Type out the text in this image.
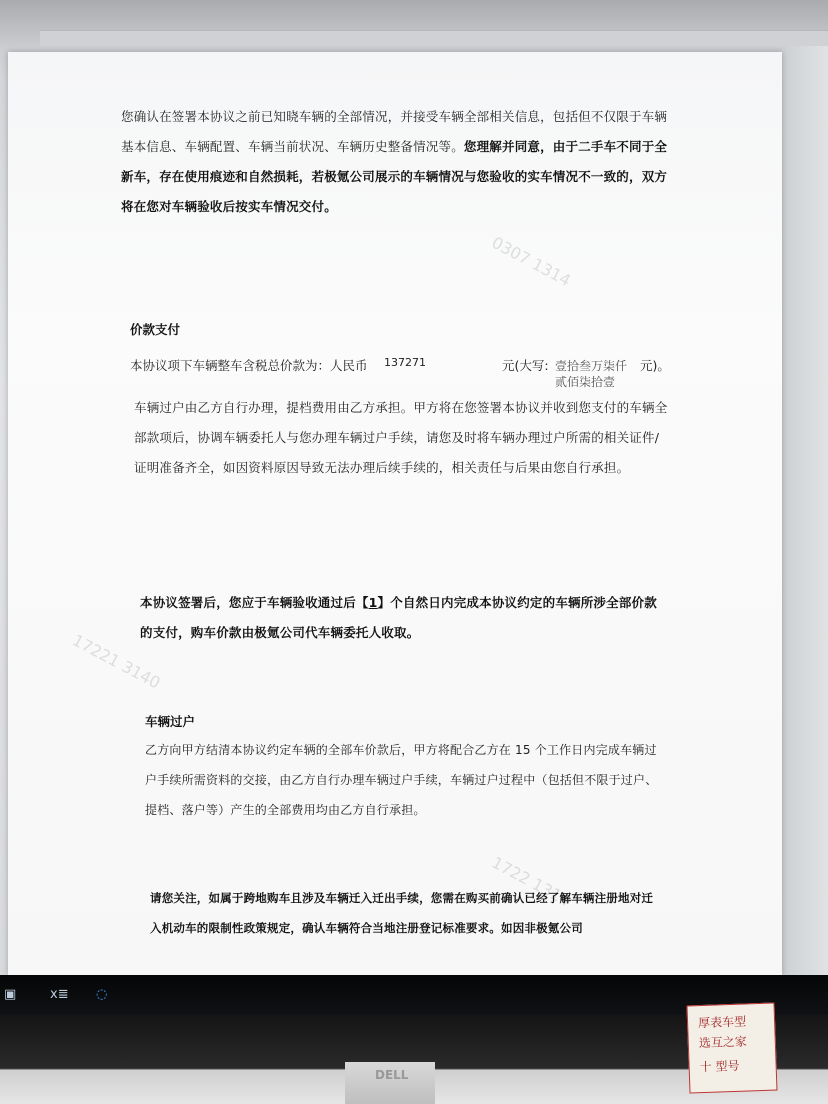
0307 1314
17221 3140
1722 1314

您确认在签署本协议之前已知晓车辆的全部情况，并接受车辆全部相关信息，包括但不仅限于车辆基本信息、车辆配置、车辆当前状况、车辆历史整备情况等。您理解并同意，由于二手车不同于全新车，存在使用痕迹和自然损耗，若极氪公司展示的车辆情况与您验收的实车情况不一致的，双方将在您对车辆验收后按实车情况交付。

价款支付
本协议项下车辆整车含税总价款为：人民币 137271	元(大写: 壹拾叁万柒仟 元)。
贰佰柒拾壹

车辆过户由乙方自行办理，提档费用由乙方承担。甲方将在您签署本协议并收到您支付的车辆全部款项后，协调车辆委托人与您办理车辆过户手续，请您及时将车辆办理过户所需的相关证件/证明准备齐全，如因资料原因导致无法办理后续手续的，相关责任与后果由您自行承担。

本协议签署后，您应于车辆验收通过后【1】个自然日内完成本协议约定的车辆所涉全部价款的支付，购车价款由极氪公司代车辆委托人收取。

车辆过户

乙方向甲方结清本协议约定车辆的全部车价款后，甲方将配合乙方在 15 个工作日内完成车辆过户手续所需资料的交接，由乙方自行办理车辆过户手续，车辆过户过程中（包括但不限于过户、提档、落户等）产生的全部费用均由乙方自行承担。

请您关注，如属于跨地购车且涉及车辆迁入迁出手续，您需在购买前确认已经了解车辆注册地对迁入机动车的限制性政策规定，确认车辆符合当地注册登记标准要求。如因非极氪公司

▣	x≣ ◌
DELL
厚表车型
选互之家
十 型号
